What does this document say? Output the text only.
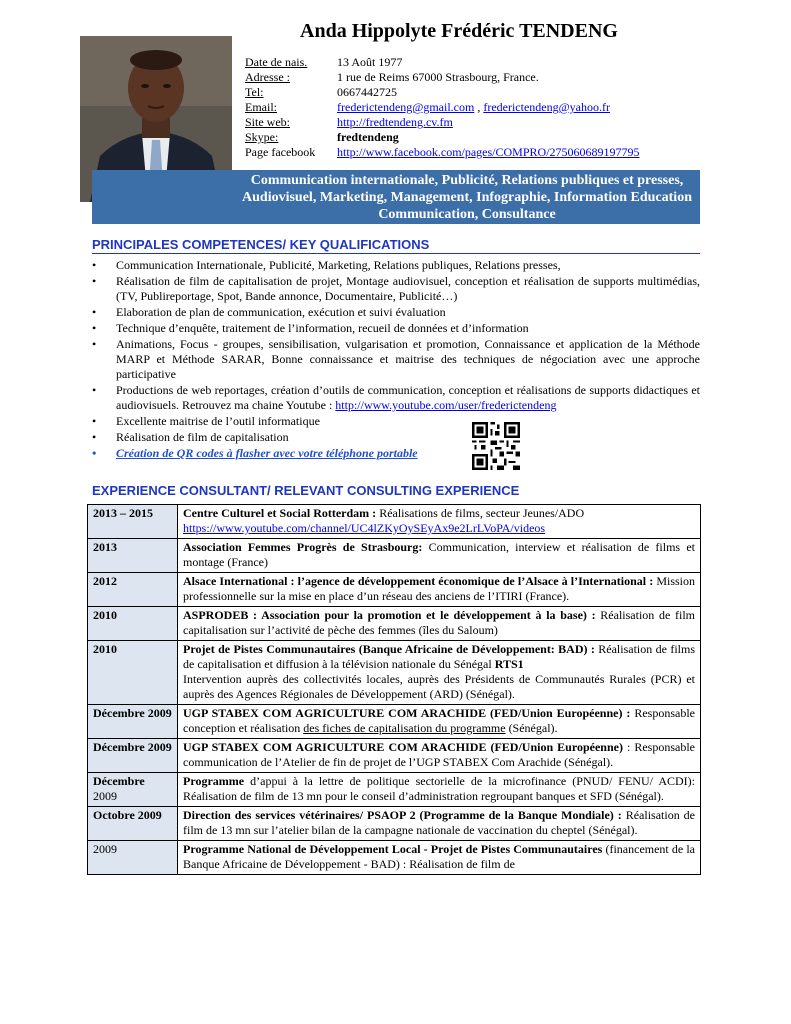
Anda Hippolyte Frédéric TENDENG
Date de nais.	13 Août 1977
Adresse :	1 rue de Reims 67000 Strasbourg, France.
Tel:	0667442725
Email:	frederictendeng@gmail.com , frederictendeng@yahoo.fr
Site web:	http://fredtendeng.cv.fm
Skype:	fredtendeng
Page facebook	http://www.facebook.com/pages/COMPRO/275060689197795
Communication internationale, Publicité, Relations publiques et presses, Audiovisuel, Marketing, Management, Infographie, Information Education Communication, Consultance
PRINCIPALES COMPETENCES/ KEY QUALIFICATIONS
• Communication Internationale, Publicité, Marketing, Relations publiques, Relations presses,
• Réalisation de film de capitalisation de projet, Montage audiovisuel, conception et réalisation de supports multimédias, (TV, Publireportage, Spot, Bande annonce, Documentaire, Publicité…)
• Elaboration de plan de communication, exécution et suivi évaluation
• Technique d’enquête, traitement de l’information, recueil de données et d’information
• Animations, Focus - groupes, sensibilisation, vulgarisation et promotion, Connaissance et application de la Méthode MARP et Méthode SARAR, Bonne connaissance et maitrise des techniques de négociation avec une approche participative
• Productions de web reportages, création d’outils de communication, conception et réalisations de supports didactiques et audiovisuels. Retrouvez ma chaine Youtube : http://www.youtube.com/user/frederictendeng
• Excellente maitrise de l’outil informatique
• Réalisation de film de capitalisation
• Création de QR codes à flasher avec votre téléphone portable
EXPERIENCE CONSULTANT/ RELEVANT CONSULTING EXPERIENCE
2013 – 2015	Centre Culturel et Social Rotterdam : Réalisations de films, secteur Jeunes/ADO
https://www.youtube.com/channel/UC4lZKyOySEyAx9e2LrLVoPA/videos
2013	Association Femmes Progrès de Strasbourg: Communication, interview et réalisation de films et montage (France)
2012	Alsace International : l’agence de développement économique de l’Alsace à l’International : Mission professionnelle sur la mise en place d’un réseau des anciens de l’ITIRI (France).
2010	ASPRODEB : Association pour la promotion et le développement à la base) : Réalisation de film capitalisation sur l’activité de pèche des femmes (îles du Saloum)
2010	Projet de Pistes Communautaires (Banque Africaine de Développement: BAD) : Réalisation de films de capitalisation et diffusion à la télévision nationale du Sénégal RTS1
Intervention auprès des collectivités locales, auprès des Présidents de Communautés Rurales (PCR) et auprès des Agences Régionales de Développement (ARD) (Sénégal).
Décembre 2009	UGP STABEX COM AGRICULTURE COM ARACHIDE (FED/Union Européenne) : Responsable conception et réalisation des fiches de capitalisation du programme (Sénégal).
Décembre 2009	UGP STABEX COM AGRICULTURE COM ARACHIDE (FED/Union Européenne) : Responsable communication de l’Atelier de fin de projet de l’UGP STABEX Com Arachide (Sénégal).
Décembre
2009	Programme d’appui à la lettre de politique sectorielle de la microfinance (PNUD/ FENU/ ACDI): Réalisation de film de 13 mn pour le conseil d’administration regroupant banques et SFD (Sénégal).
Octobre 2009	Direction des services vétérinaires/ PSAOP 2 (Programme de la Banque Mondiale) : Réalisation de film de 13 mn sur l’atelier bilan de la campagne nationale de vaccination du cheptel (Sénégal).
2009	Programme National de Développement Local - Projet de Pistes Communautaires (financement de la Banque Africaine de Développement - BAD) : Réalisation de film de
